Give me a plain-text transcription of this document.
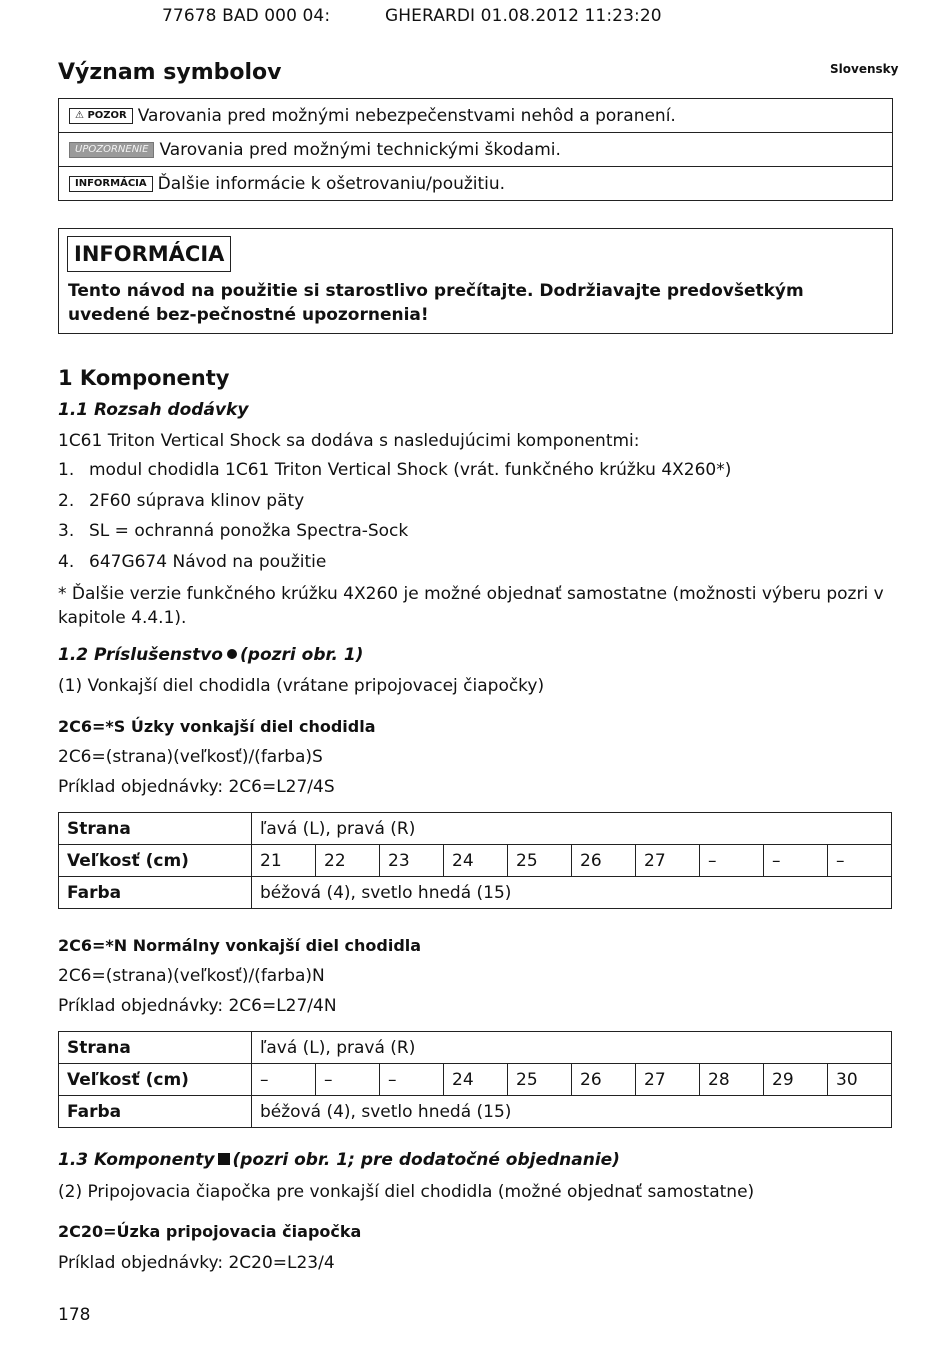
77678 BAD 000 04:	GHERARDI 01.08.2012 11:23:20
Význam symbolov	Slovensky
⚠ POZOR Varovania pred možnými nebezpečenstvami nehôd a poranení.
UPOZORNENIE Varovania pred možnými technickými škodami.
INFORMÁCIA Ďalšie informácie k ošetrovaniu/použitiu.
INFORMÁCIA
Tento návod na použitie si starostlivo prečítajte. Dodržiavajte predovšetkým uvedené bez-pečnostné upozornenia!
1 Komponenty
1.1 Rozsah dodávky
1C61 Triton Vertical Shock sa dodáva s nasledujúcimi komponentmi:
1. modul chodidla 1C61 Triton Vertical Shock (vrát. funkčného krúžku 4X260*)
2. 2F60 súprava klinov päty
3. SL = ochranná ponožka Spectra-Sock
4. 647G674 Návod na použitie
* Ďalšie verzie funkčného krúžku 4X260 je možné objednať samostatne (možnosti výberu pozri v kapitole 4.4.1).
1.2 Príslušenstvo (pozri obr. 1)
(1) Vonkajší diel chodidla (vrátane pripojovacej čiapočky)
2C6=*S Úzky vonkajší diel chodidla
2C6=(strana)(veľkosť)/(farba)S
Príklad objednávky: 2C6=L27/4S
Strana	ľavá (L), pravá (R)									
Veľkosť (cm)	21	22	23	24	25	26	27	–	–	–
Farba	béžová (4), svetlo hnedá (15)									
2C6=*N Normálny vonkajší diel chodidla
2C6=(strana)(veľkosť)/(farba)N
Príklad objednávky: 2C6=L27/4N
Strana	ľavá (L), pravá (R)									
Veľkosť (cm)	–	–	–	24	25	26	27	28	29	30
Farba	béžová (4), svetlo hnedá (15)									
1.3 Komponenty (pozri obr. 1; pre dodatočné objednanie)
(2) Pripojovacia čiapočka pre vonkajší diel chodidla (možné objednať samostatne)
2C20=Úzka pripojovacia čiapočka
Príklad objednávky: 2C20=L23/4
178
